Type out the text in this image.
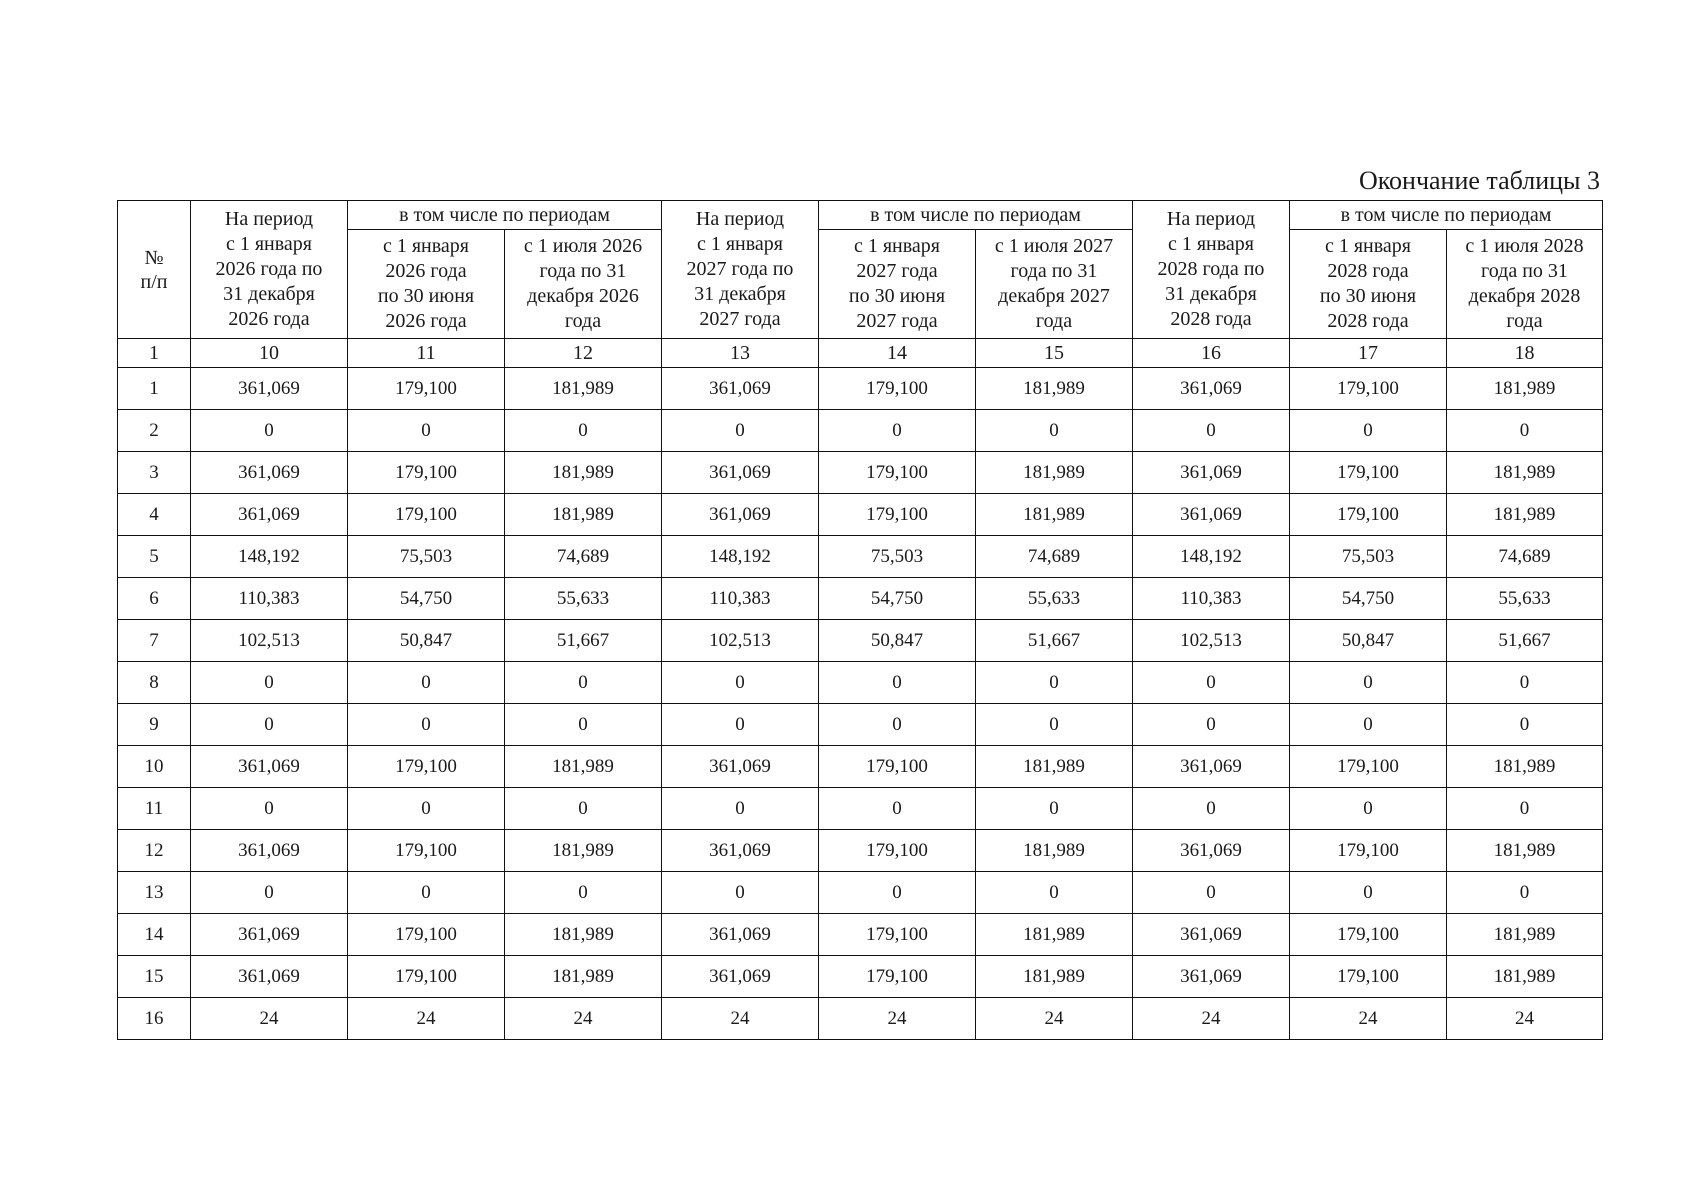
Окончание таблицы 3
№
п/п	На период
с 1 января
2026 года по
31 декабря
2026 года	в том числе по периодам		На период
с 1 января
2027 года по
31 декабря
2027 года	в том числе по периодам		На период
с 1 января
2028 года по
31 декабря
2028 года	в том числе по периодам	
		с 1 января
2026 года
по 30 июня
2026 года	с 1 июля 2026
года по 31
декабря 2026
года		с 1 января
2027 года
по 30 июня
2027 года	с 1 июля 2027
года по 31
декабря 2027
года		с 1 января
2028 года
по 30 июня
2028 года	с 1 июля 2028
года по 31
декабря 2028
года
1	10	11	12	13	14	15	16	17	18
1	361,069	179,100	181,989	361,069	179,100	181,989	361,069	179,100	181,989
2	0	0	0	0	0	0	0	0	0
3	361,069	179,100	181,989	361,069	179,100	181,989	361,069	179,100	181,989
4	361,069	179,100	181,989	361,069	179,100	181,989	361,069	179,100	181,989
5	148,192	75,503	74,689	148,192	75,503	74,689	148,192	75,503	74,689
6	110,383	54,750	55,633	110,383	54,750	55,633	110,383	54,750	55,633
7	102,513	50,847	51,667	102,513	50,847	51,667	102,513	50,847	51,667
8	0	0	0	0	0	0	0	0	0
9	0	0	0	0	0	0	0	0	0
10	361,069	179,100	181,989	361,069	179,100	181,989	361,069	179,100	181,989
11	0	0	0	0	0	0	0	0	0
12	361,069	179,100	181,989	361,069	179,100	181,989	361,069	179,100	181,989
13	0	0	0	0	0	0	0	0	0
14	361,069	179,100	181,989	361,069	179,100	181,989	361,069	179,100	181,989
15	361,069	179,100	181,989	361,069	179,100	181,989	361,069	179,100	181,989
16	24	24	24	24	24	24	24	24	24
